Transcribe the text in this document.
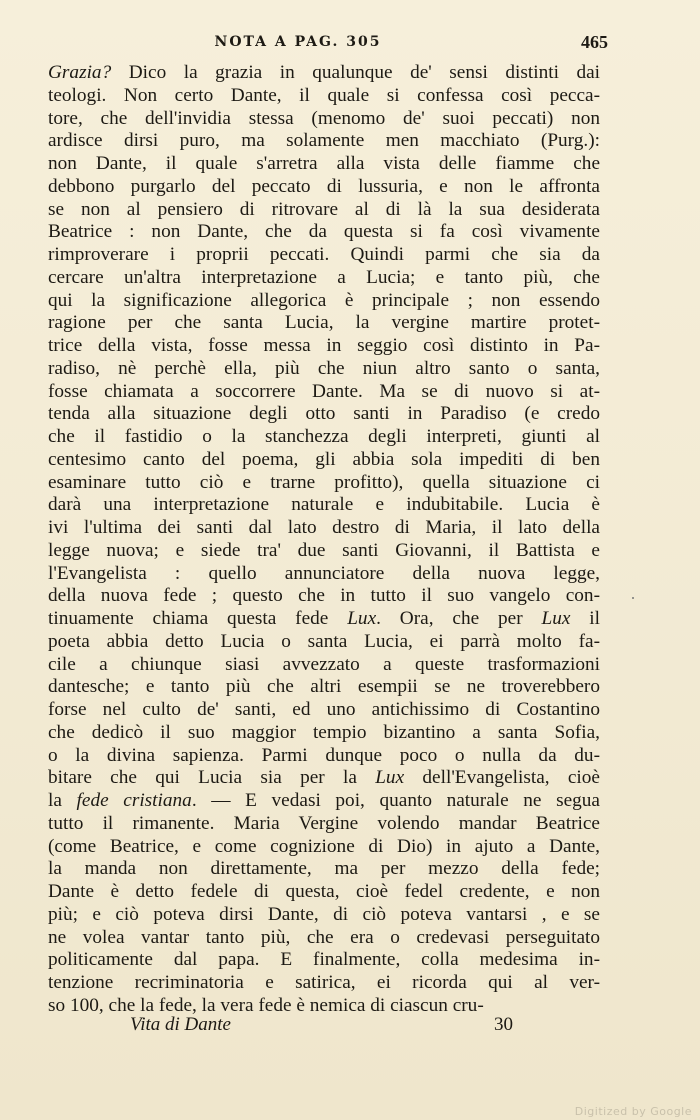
NOTA A PAG. 305	465
Grazia? Dico la grazia in qualunque de' sensi distinti dai
teologi. Non certo Dante, il quale si confessa così pecca-
tore, che dell'invidia stessa (menomo de' suoi peccati) non
ardisce dirsi puro, ma solamente men macchiato (Purg.):
non Dante, il quale s'arretra alla vista delle fiamme che
debbono purgarlo del peccato di lussuria, e non le affronta
se non al pensiero di ritrovare al di là la sua desiderata
Beatrice : non Dante, che da questa si fa così vivamente
rimproverare i proprii peccati. Quindi parmi che sia da
cercare un'altra interpretazione a Lucia; e tanto più, che
qui la significazione allegorica è principale ; non essendo
ragione per che santa Lucia, la vergine martire protet-
trice della vista, fosse messa in seggio così distinto in Pa-
radiso, nè perchè ella, più che niun altro santo o santa,
fosse chiamata a soccorrere Dante. Ma se di nuovo si at-
tenda alla situazione degli otto santi in Paradiso (e credo
che il fastidio o la stanchezza degli interpreti, giunti al
centesimo canto del poema, gli abbia sola impediti di ben
esaminare tutto ciò e trarne profitto), quella situazione ci
darà una interpretazione naturale e indubitabile. Lucia è
ivi l'ultima dei santi dal lato destro di Maria, il lato della
legge nuova; e siede tra' due santi Giovanni, il Battista e
l'Evangelista : quello annunciatore della nuova legge,
della nuova fede ; questo che in tutto il suo vangelo con-
tinuamente chiama questa fede Lux. Ora, che per Lux il
poeta abbia detto Lucia o santa Lucia, ei parrà molto fa-
cile a chiunque siasi avvezzato a queste trasformazioni
dantesche; e tanto più che altri esempii se ne troverebbero
forse nel culto de' santi, ed uno antichissimo di Costantino
che dedicò il suo maggior tempio bizantino a santa Sofia,
o la divina sapienza. Parmi dunque poco o nulla da du-
bitare che qui Lucia sia per la Lux dell'Evangelista, cioè
la fede cristiana. — E vedasi poi, quanto naturale ne segua
tutto il rimanente. Maria Vergine volendo mandar Beatrice
(come Beatrice, e come cognizione di Dio) in ajuto a Dante,
la manda non direttamente, ma per mezzo della fede;
Dante è detto fedele di questa, cioè fedel credente, e non
più; e ciò poteva dirsi Dante, di ciò poteva vantarsi , e se
ne volea vantar tanto più, che era o credevasi perseguitato
politicamente dal papa. E finalmente, colla medesima in-
tenzione recriminatoria e satirica, ei ricorda qui al ver-
so 100, che la fede, la vera fede è nemica di ciascun cru-
Vita di Dante	30
Digitized by Google
